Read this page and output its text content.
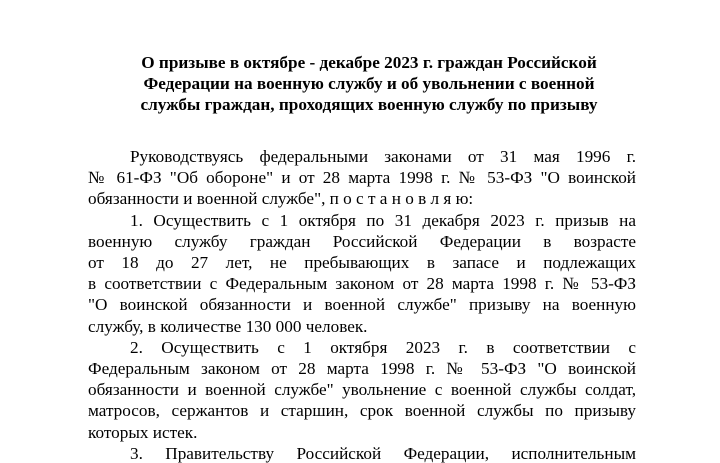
О призыве в октябре - декабре 2023 г. граждан Российской
Федерации на военную службу и об увольнении с военной
службы граждан, проходящих военную службу по призыву
Руководствуясь федеральными законами от 31 мая 1996 г.
№ 61-ФЗ "Об обороне" и от 28 марта 1998 г. № 53-ФЗ "О воинской
обязанности и военной службе", п о с т а н о в л я ю:
1. Осуществить с 1 октября по 31 декабря 2023 г. призыв на
военную службу граждан Российской Федерации в возрасте
от 18 до 27 лет, не пребывающих в запасе и подлежащих
в соответствии с Федеральным законом от 28 марта 1998 г. № 53-ФЗ
"О воинской обязанности и военной службе" призыву на военную
службу, в количестве 130 000 человек.
2. Осуществить с 1 октября 2023 г. в соответствии с
Федеральным законом от 28 марта 1998 г. № 53-ФЗ "О воинской
обязанности и военной службе" увольнение с военной службы солдат,
матросов, сержантов и старшин, срок военной службы по призыву
которых истек.
3. Правительству Российской Федерации, исполнительным
